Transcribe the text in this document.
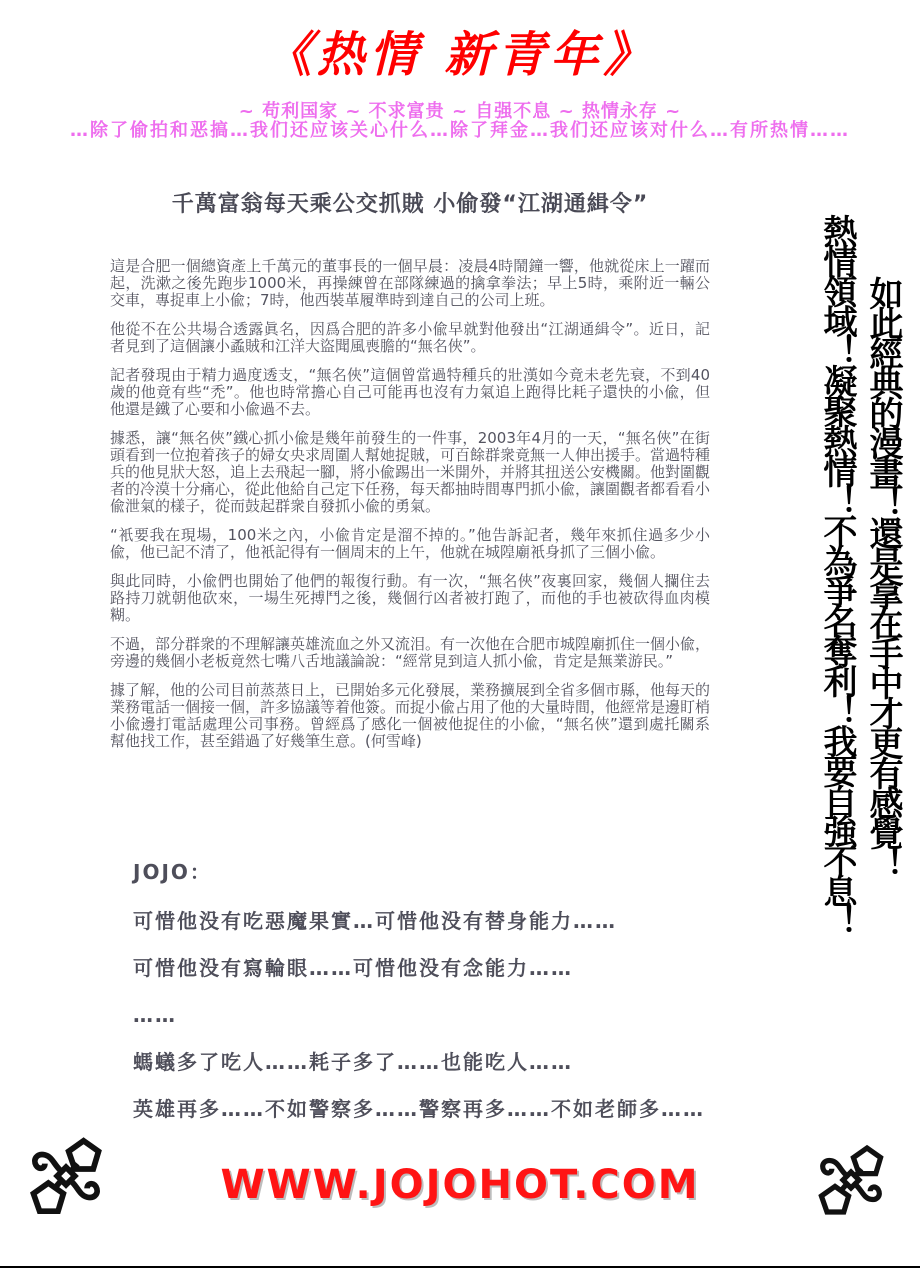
《热情 新青年》
~ 苟利国家 ~ 不求富贵 ~ 自强不息 ~ 热情永存 ~
…除了偷拍和恶搞…我们还应该关心什么…除了拜金…我们还应该对什么…有所热情……
千萬富翁每天乘公交抓賊 小偷發“江湖通緝令”

這是合肥一個總資產上千萬元的董事長的一個早晨：凌晨4時鬧鐘一響，他就從床上一躍而起，洗漱之後先跑步1000米，再操練曾在部隊練過的擒拿拳法；早上5時，乘附近一輛公交車，專捉車上小偸；7時，他西裝革履準時到達自己的公司上班。

他從不在公共場合透露眞名，因爲合肥的許多小偸早就對他發出“江湖通緝令”。近日，記者見到了這個讓小蟊賊和江洋大盜聞風喪膽的“無名俠”。

記者發現由于精力過度透支，“無名俠”這個曾當過特種兵的壯漢如今竟未老先衰，不到40歲的他竟有些“禿”。他也時常擔心自己可能再也沒有力氣追上跑得比耗子還快的小偸，但他還是鐵了心要和小偸過不去。

據悉，讓“無名俠”鐵心抓小偸是幾年前發生的一件事，2003年4月的一天，“無名俠”在街頭看到一位抱着孩子的婦女央求周圍人幫她捉賊，可百餘群衆竟無一人伸出援手。當過特種兵的他見狀大怒，追上去飛起一腳，將小偸踢出一米開外，并將其扭送公安機關。他對圍觀者的冷漠十分痛心，從此他給自己定下任務，每天都抽時間專門抓小偸，讓圍觀者都看看小偸泄氣的樣子，從而鼓起群衆自發抓小偸的勇氣。

“衹要我在現場，100米之內，小偸肯定是溜不掉的。”他告訴記者，幾年來抓住過多少小偸，他已記不清了，他衹記得有一個周末的上午，他就在城隍廟衹身抓了三個小偸。

與此同時，小偸們也開始了他們的報復行動。有一次，“無名俠”夜裏回家，幾個人攔住去路持刀就朝他砍來，一場生死搏鬥之後，幾個行凶者被打跑了，而他的手也被砍得血肉模糊。

不過，部分群衆的不理解讓英雄流血之外又流泪。有一次他在合肥市城隍廟抓住一個小偸，旁邊的幾個小老板竟然七嘴八舌地議論說：“經常見到這人抓小偸，肯定是無業游民。”

據了解，他的公司目前蒸蒸日上，已開始多元化發展，業務擴展到全省多個市縣，他每天的業務電話一個接一個，許多協議等着他簽。而捉小偸占用了他的大量時間，他經常是邊盯梢小偸邊打電話處理公司事務。曾經爲了感化一個被他捉住的小偸，“無名俠”還到處托關系幫他找工作，甚至錯過了好幾筆生意。(何雪峰)	熱情領域！凝聚熱情！不為爭名奪利！我要自強不息！ 如此經典的漫畫！還是拿在手中才更有感覺！

JOJO：

可惜他没有吃惡魔果實…可惜他没有替身能力……

可惜他没有寫輪眼……可惜他没有念能力……

……

螞蟻多了吃人……耗子多了……也能吃人……

英雄再多……不如警察多……警察再多……不如老師多……

WWW.JOJOHOT.COM
